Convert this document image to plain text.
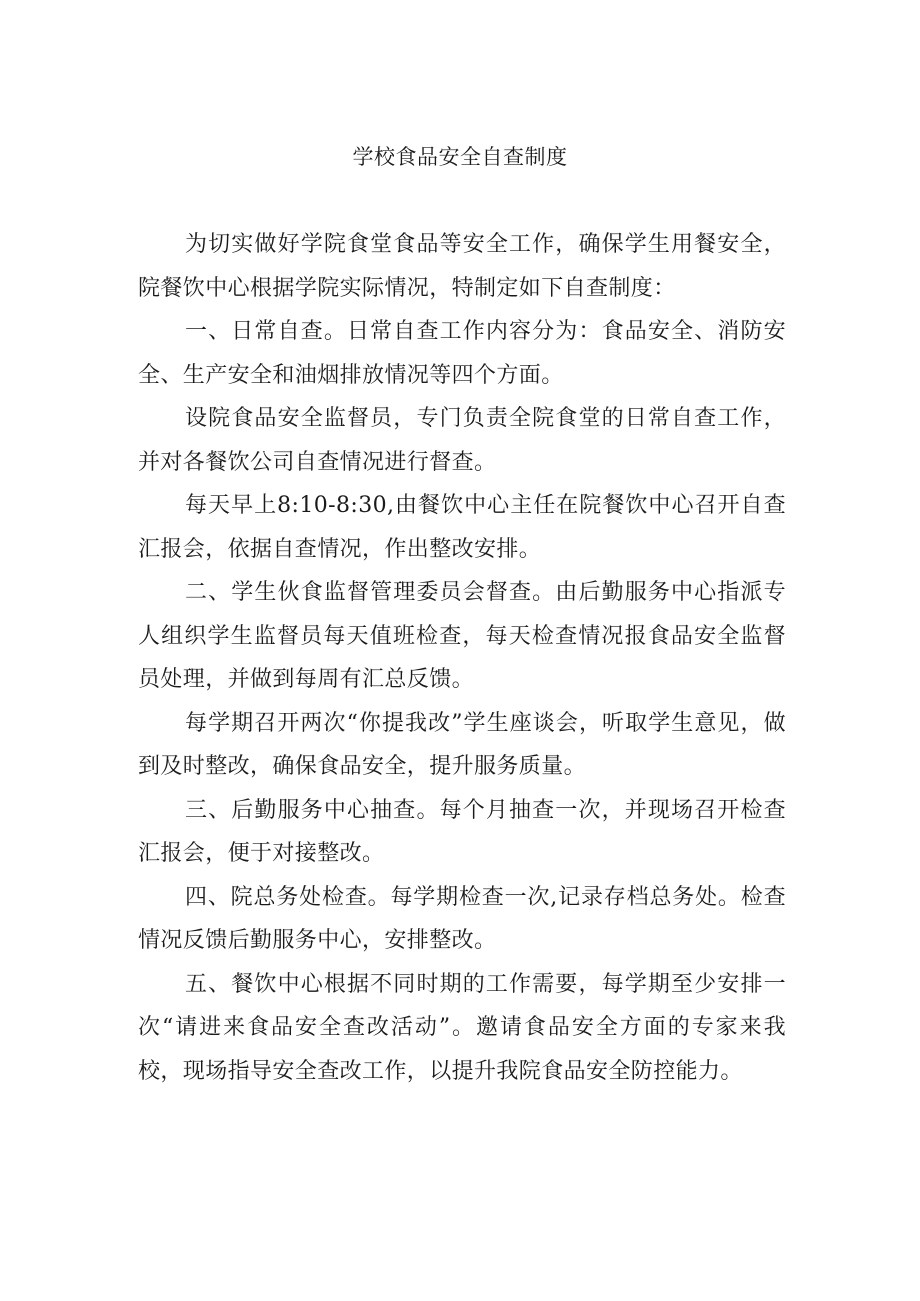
学校食品安全自查制度

为切实做好学院食堂食品等安全工作，确保学生用餐安全，院餐饮中心根据学院实际情况，特制定如下自查制度：

一、日常自查。日常自查工作内容分为：食品安全、消防安全、生产安全和油烟排放情况等四个方面。

设院食品安全监督员，专门负责全院食堂的日常自查工作，并对各餐饮公司自查情况进行督查。

每天早上8:10-8:30,由餐饮中心主任在院餐饮中心召开自查汇报会，依据自查情况，作出整改安排。

二、学生伙食监督管理委员会督查。由后勤服务中心指派专人组织学生监督员每天值班检查，每天检查情况报食品安全监督员处理，并做到每周有汇总反馈。

每学期召开两次“你提我改”学生座谈会，听取学生意见，做到及时整改，确保食品安全，提升服务质量。

三、后勤服务中心抽查。每个月抽查一次，并现场召开检查汇报会，便于对接整改。

四、院总务处检查。每学期检查一次,记录存档总务处。检查情况反馈后勤服务中心，安排整改。

五、餐饮中心根据不同时期的工作需要，每学期至少安排一次“请进来食品安全查改活动”。邀请食品安全方面的专家来我校，现场指导安全查改工作，以提升我院食品安全防控能力。
